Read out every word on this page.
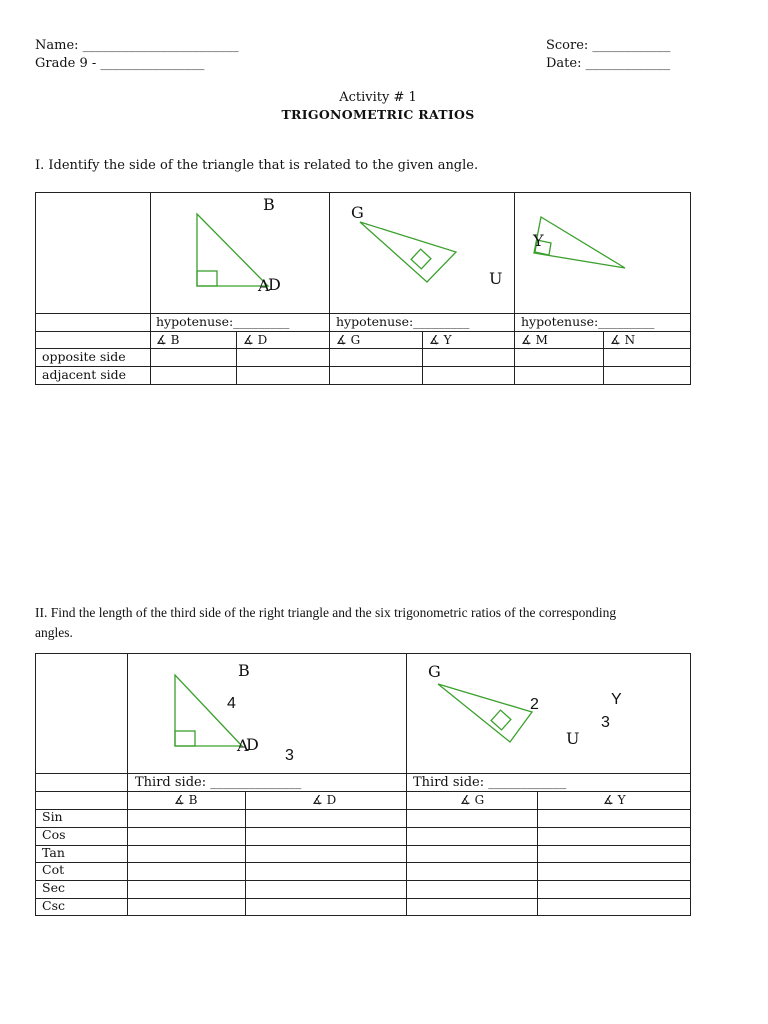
Name: ________________________	Score: ____________
Grade 9 - ________________	Date: _____________
Activity # 1
TRIGONOMETRIC RATIOS
I. Identify the side of the triangle that is related to the given angle.
B
A
D
G
U
Y
hypotenuse:_________	hypotenuse:_________	hypotenuse:_________
∡ B	∡ D	∡ G	∡ Y	∡ M	∡ N
opposite side
adjacent side
II. Find the length of the third side of the right triangle and the six trigonometric ratios of the corresponding
angles.
B
4
A
D
3
G
2	Y
3
U
Third side: ______________	Third side: ____________
∡ B	∡ D	∡ G	∡ Y
Sin
Cos
Tan
Cot
Sec
Csc
